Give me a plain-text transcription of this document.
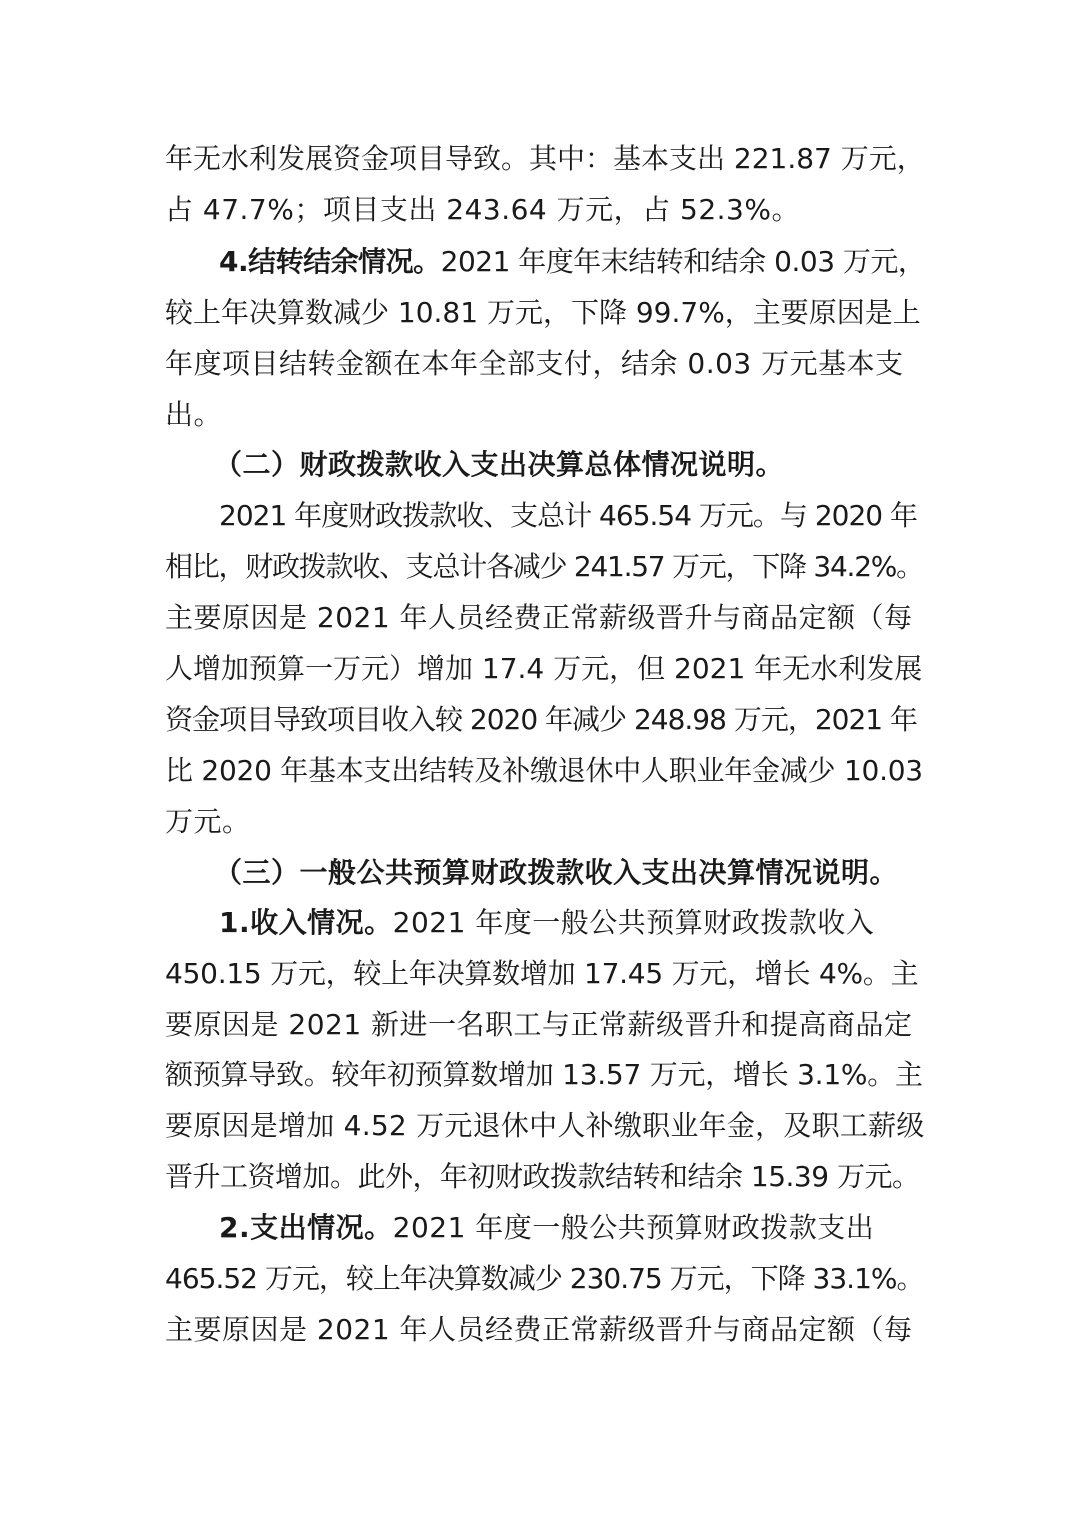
年无水利发展资金项目导致。其中：基本支出 221.87 万元，
占 47.7%；项目支出 243.64 万元，占 52.3%。
4.结转结余情况。2021 年度年末结转和结余 0.03 万元，
较上年决算数减少 10.81 万元，下降 99.7%，主要原因是上
年度项目结转金额在本年全部支付，结余 0.03 万元基本支
出。
（二）财政拨款收入支出决算总体情况说明。
2021 年度财政拨款收、支总计 465.54 万元。与 2020 年
相比，财政拨款收、支总计各减少 241.57 万元，下降 34.2%。
主要原因是 2021 年人员经费正常薪级晋升与商品定额（每
人增加预算一万元）增加 17.4 万元，但 2021 年无水利发展
资金项目导致项目收入较 2020 年减少 248.98 万元，2021 年
比 2020 年基本支出结转及补缴退休中人职业年金减少 10.03
万元。
（三）一般公共预算财政拨款收入支出决算情况说明。
1.收入情况。2021 年度一般公共预算财政拨款收入
450.15 万元，较上年决算数增加 17.45 万元，增长 4%。主
要原因是 2021 新进一名职工与正常薪级晋升和提高商品定
额预算导致。较年初预算数增加 13.57 万元，增长 3.1%。主
要原因是增加 4.52 万元退休中人补缴职业年金，及职工薪级
晋升工资增加。此外，年初财政拨款结转和结余 15.39 万元。
2.支出情况。2021 年度一般公共预算财政拨款支出
465.52 万元，较上年决算数减少 230.75 万元，下降 33.1%。
主要原因是 2021 年人员经费正常薪级晋升与商品定额（每
